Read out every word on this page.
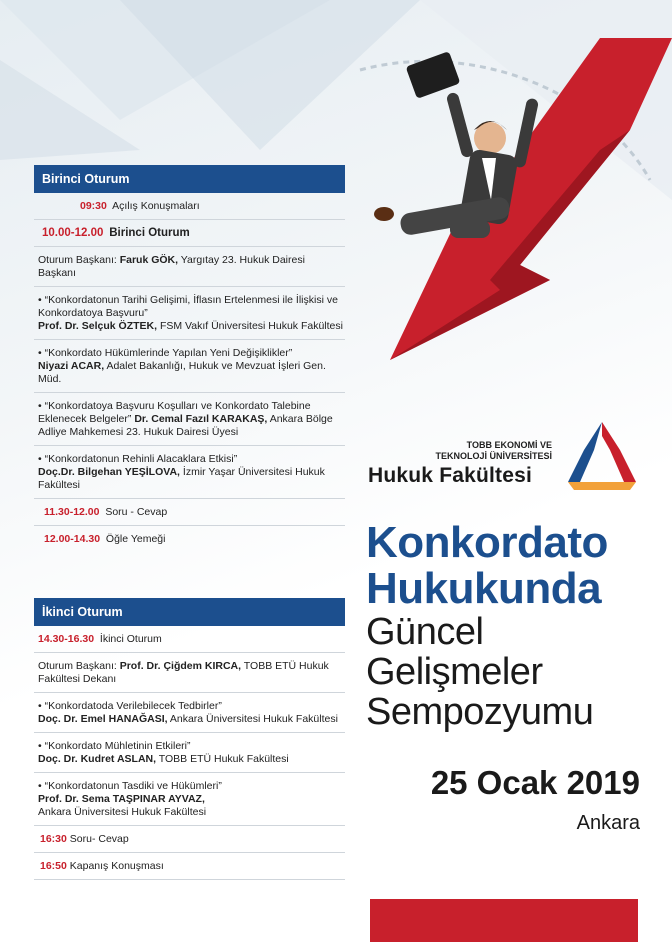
Birinci Oturum
09:30 Açılış Konuşmaları
10.00-12.00 Birinci Oturum
Oturum Başkanı: Faruk GÖK, Yargıtay 23. Hukuk Dairesi Başkanı
• “Konkordatonun Tarihi Gelişimi, İflasın Ertelenmesi ile İlişkisi ve Konkordatoya Başvuru”
Prof. Dr. Selçuk ÖZTEK, FSM Vakıf Üniversitesi Hukuk Fakültesi
• “Konkordato Hükümlerinde Yapılan Yeni Değişiklikler”
Niyazi ACAR, Adalet Bakanlığı, Hukuk ve Mevzuat İşleri Gen. Müd.
• “Konkordatoya Başvuru Koşulları ve Konkordato Talebine Eklenecek Belgeler” Dr. Cemal Fazıl KARAKAŞ, Ankara Bölge Adliye Mahkemesi 23. Hukuk Dairesi Üyesi
• “Konkordatonun Rehinli Alacaklara Etkisi”
Doç.Dr. Bilgehan YEŞİLOVA, İzmir Yaşar Üniversitesi Hukuk Fakültesi
11.30-12.00 Soru - Cevap
12.00-14.30 Öğle Yemeği
İkinci Oturum
14.30-16.30 İkinci Oturum
Oturum Başkanı: Prof. Dr. Çiğdem KIRCA, TOBB ETÜ Hukuk Fakültesi Dekanı
• “Konkordatoda Verilebilecek Tedbirler”
Doç. Dr. Emel HANAĞASI, Ankara Üniversitesi Hukuk Fakültesi
• “Konkordato Mühletinin Etkileri”
Doç. Dr. Kudret ASLAN, TOBB ETÜ Hukuk Fakültesi
• “Konkordatonun Tasdiki ve Hükümleri”
Prof. Dr. Sema TAŞPINAR AYVAZ,
Ankara Üniversitesi Hukuk Fakültesi
16:30 Soru- Cevap
16:50 Kapanış Konuşması
TOBB EKONOMİ VE
TEKNOLOJİ ÜNİVERSİTESİ
Hukuk Fakültesi
Konkordato
Hukukunda
Güncel Gelişmeler
Sempozyumu
25 Ocak 2019
Ankara
